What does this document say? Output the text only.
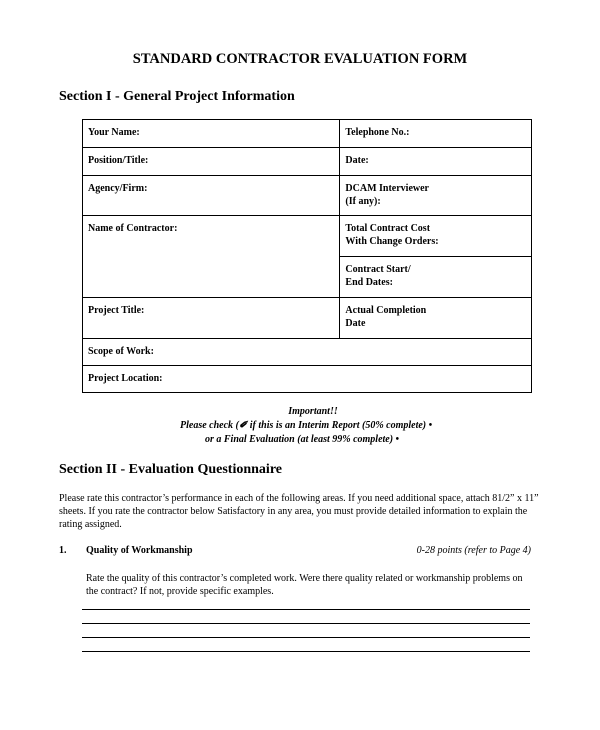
STANDARD CONTRACTOR EVALUATION FORM
Section I - General Project Information
Your Name:	Telephone No.:
Position/Title:	Date:
Agency/Firm:	DCAM Interviewer
(If any):

Name of Contractor:	Total Contract Cost
With Change Orders:

	Contract Start/
End Dates:

Project Title:	Actual Completion
Date

Scope of Work:	
Project Location:	
Important!!
Please check (✐ if this is an Interim Report (50% complete) •
or a Final Evaluation (at least 99% complete) •
Section II - Evaluation Questionnaire
Please rate this contractor’s performance in each of the following areas. If you need additional space, attach 81/2” x 11” sheets. If you rate the contractor below Satisfactory in any area, you must provide detailed information to explain the rating assigned.
1. Quality of Workmanship	0-28 points (refer to Page 4)
Rate the quality of this contractor’s completed work. Were there quality related or workmanship problems on the contract? If not, provide specific examples.
